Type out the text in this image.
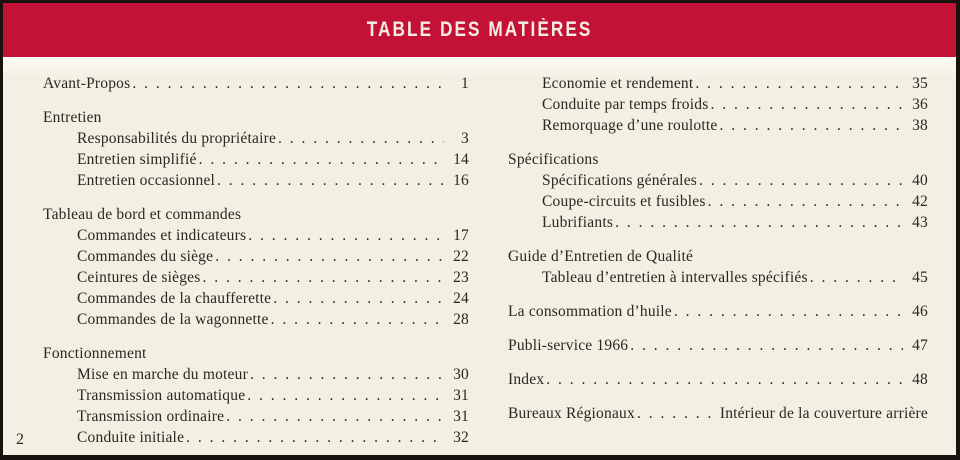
TABLE DES MATIÈRES
Avant-Propos . . .	1
Entretien
Responsabilités du propriétaire . . .	3
Entretien simplifié . . .	14
Entretien occasionnel . . .	16
Tableau de bord et commandes
Commandes et indicateurs . . .	17
Commandes du siège . . .	22
Ceintures de sièges . . .	23
Commandes de la chaufferette . . .	24
Commandes de la wagonnette . . .	28
Fonctionnement
Mise en marche du moteur . . .	30
Transmission automatique . . .	31
Transmission ordinaire . . .	31
Conduite initiale . . .	32
Economie et rendement . . .	35
Conduite par temps froids . . .	36
Remorquage d’une roulotte . . .	38
Spécifications
Spécifications générales . . .	40
Coupe-circuits et fusibles . . .	42
Lubrifiants . . .	43
Guide d’Entretien de Qualité
Tableau d’entretien à intervalles spécifiés . . .	45
La consommation d’huile . . .	46
Publi-service 1966 . . .	47
Index . . .	48
Bureaux Régionaux . . .	Intérieur de la couverture arrière
2
